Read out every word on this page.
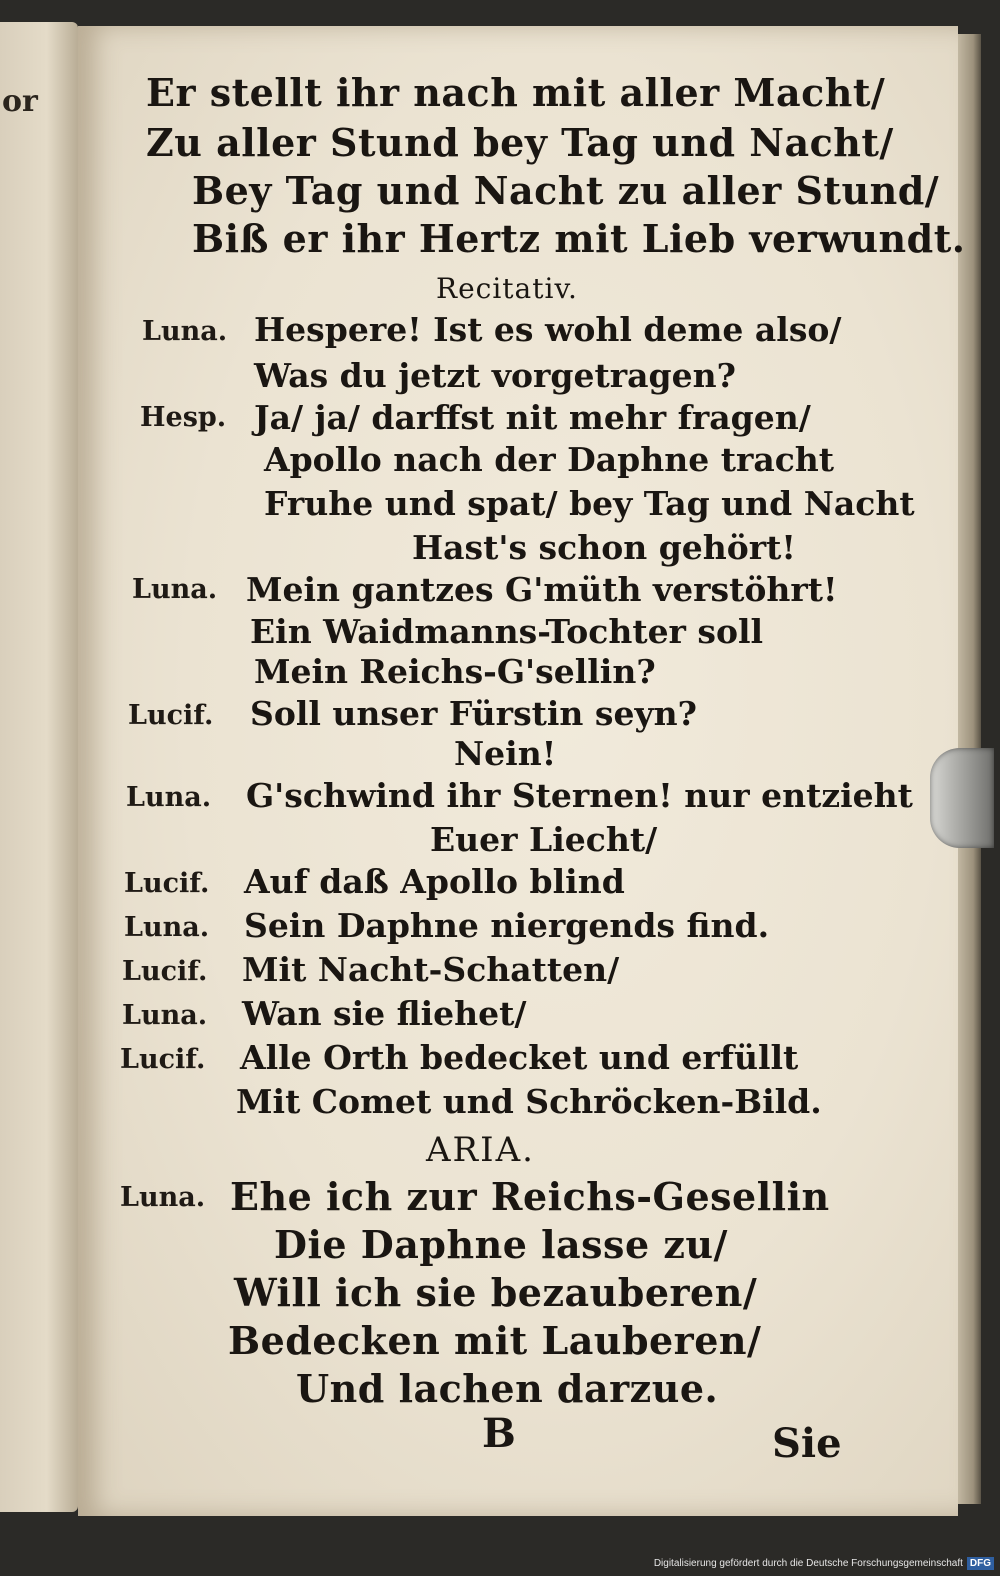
or	Er stellt ihr nach mit aller Macht/
Zu aller Stund bey Tag und Nacht/
Bey Tag und Nacht zu aller Stund/
Biß er ihr Hertz mit Lieb verwundt.
Recitativ.
Luna. Hespere! Ist es wohl deme also/
Was du jetzt vorgetragen?
Hesp. Ja/ ja/ darffst nit mehr fragen/
Apollo nach der Daphne tracht
Fruhe und spat/ bey Tag und Nacht
Hast's schon gehört!
Luna. Mein gantzes G'müth verstöhrt!
Ein Waidmanns-Tochter soll
Mein Reichs-G'sellin?
Lucif. Soll unser Fürstin seyn?
Nein!
Luna. G'schwind ihr Sternen! nur entzieht
Euer Liecht/
Lucif. Auf daß Apollo blind
Luna. Sein Daphne niergends find.
Lucif. Mit Nacht-Schatten/
Luna. Wan sie fliehet/
Lucif. Alle Orth bedecket und erfüllt
Mit Comet und Schröcken-Bild.
ARIA.
Luna. Ehe ich zur Reichs-Gesellin
Die Daphne lasse zu/
Will ich sie bezauberen/
Bedecken mit Lauberen/
Und lachen darzue.
B	Sie
Digitalisierung gefördert durch die Deutsche Forschungsgemeinschaft DFG
